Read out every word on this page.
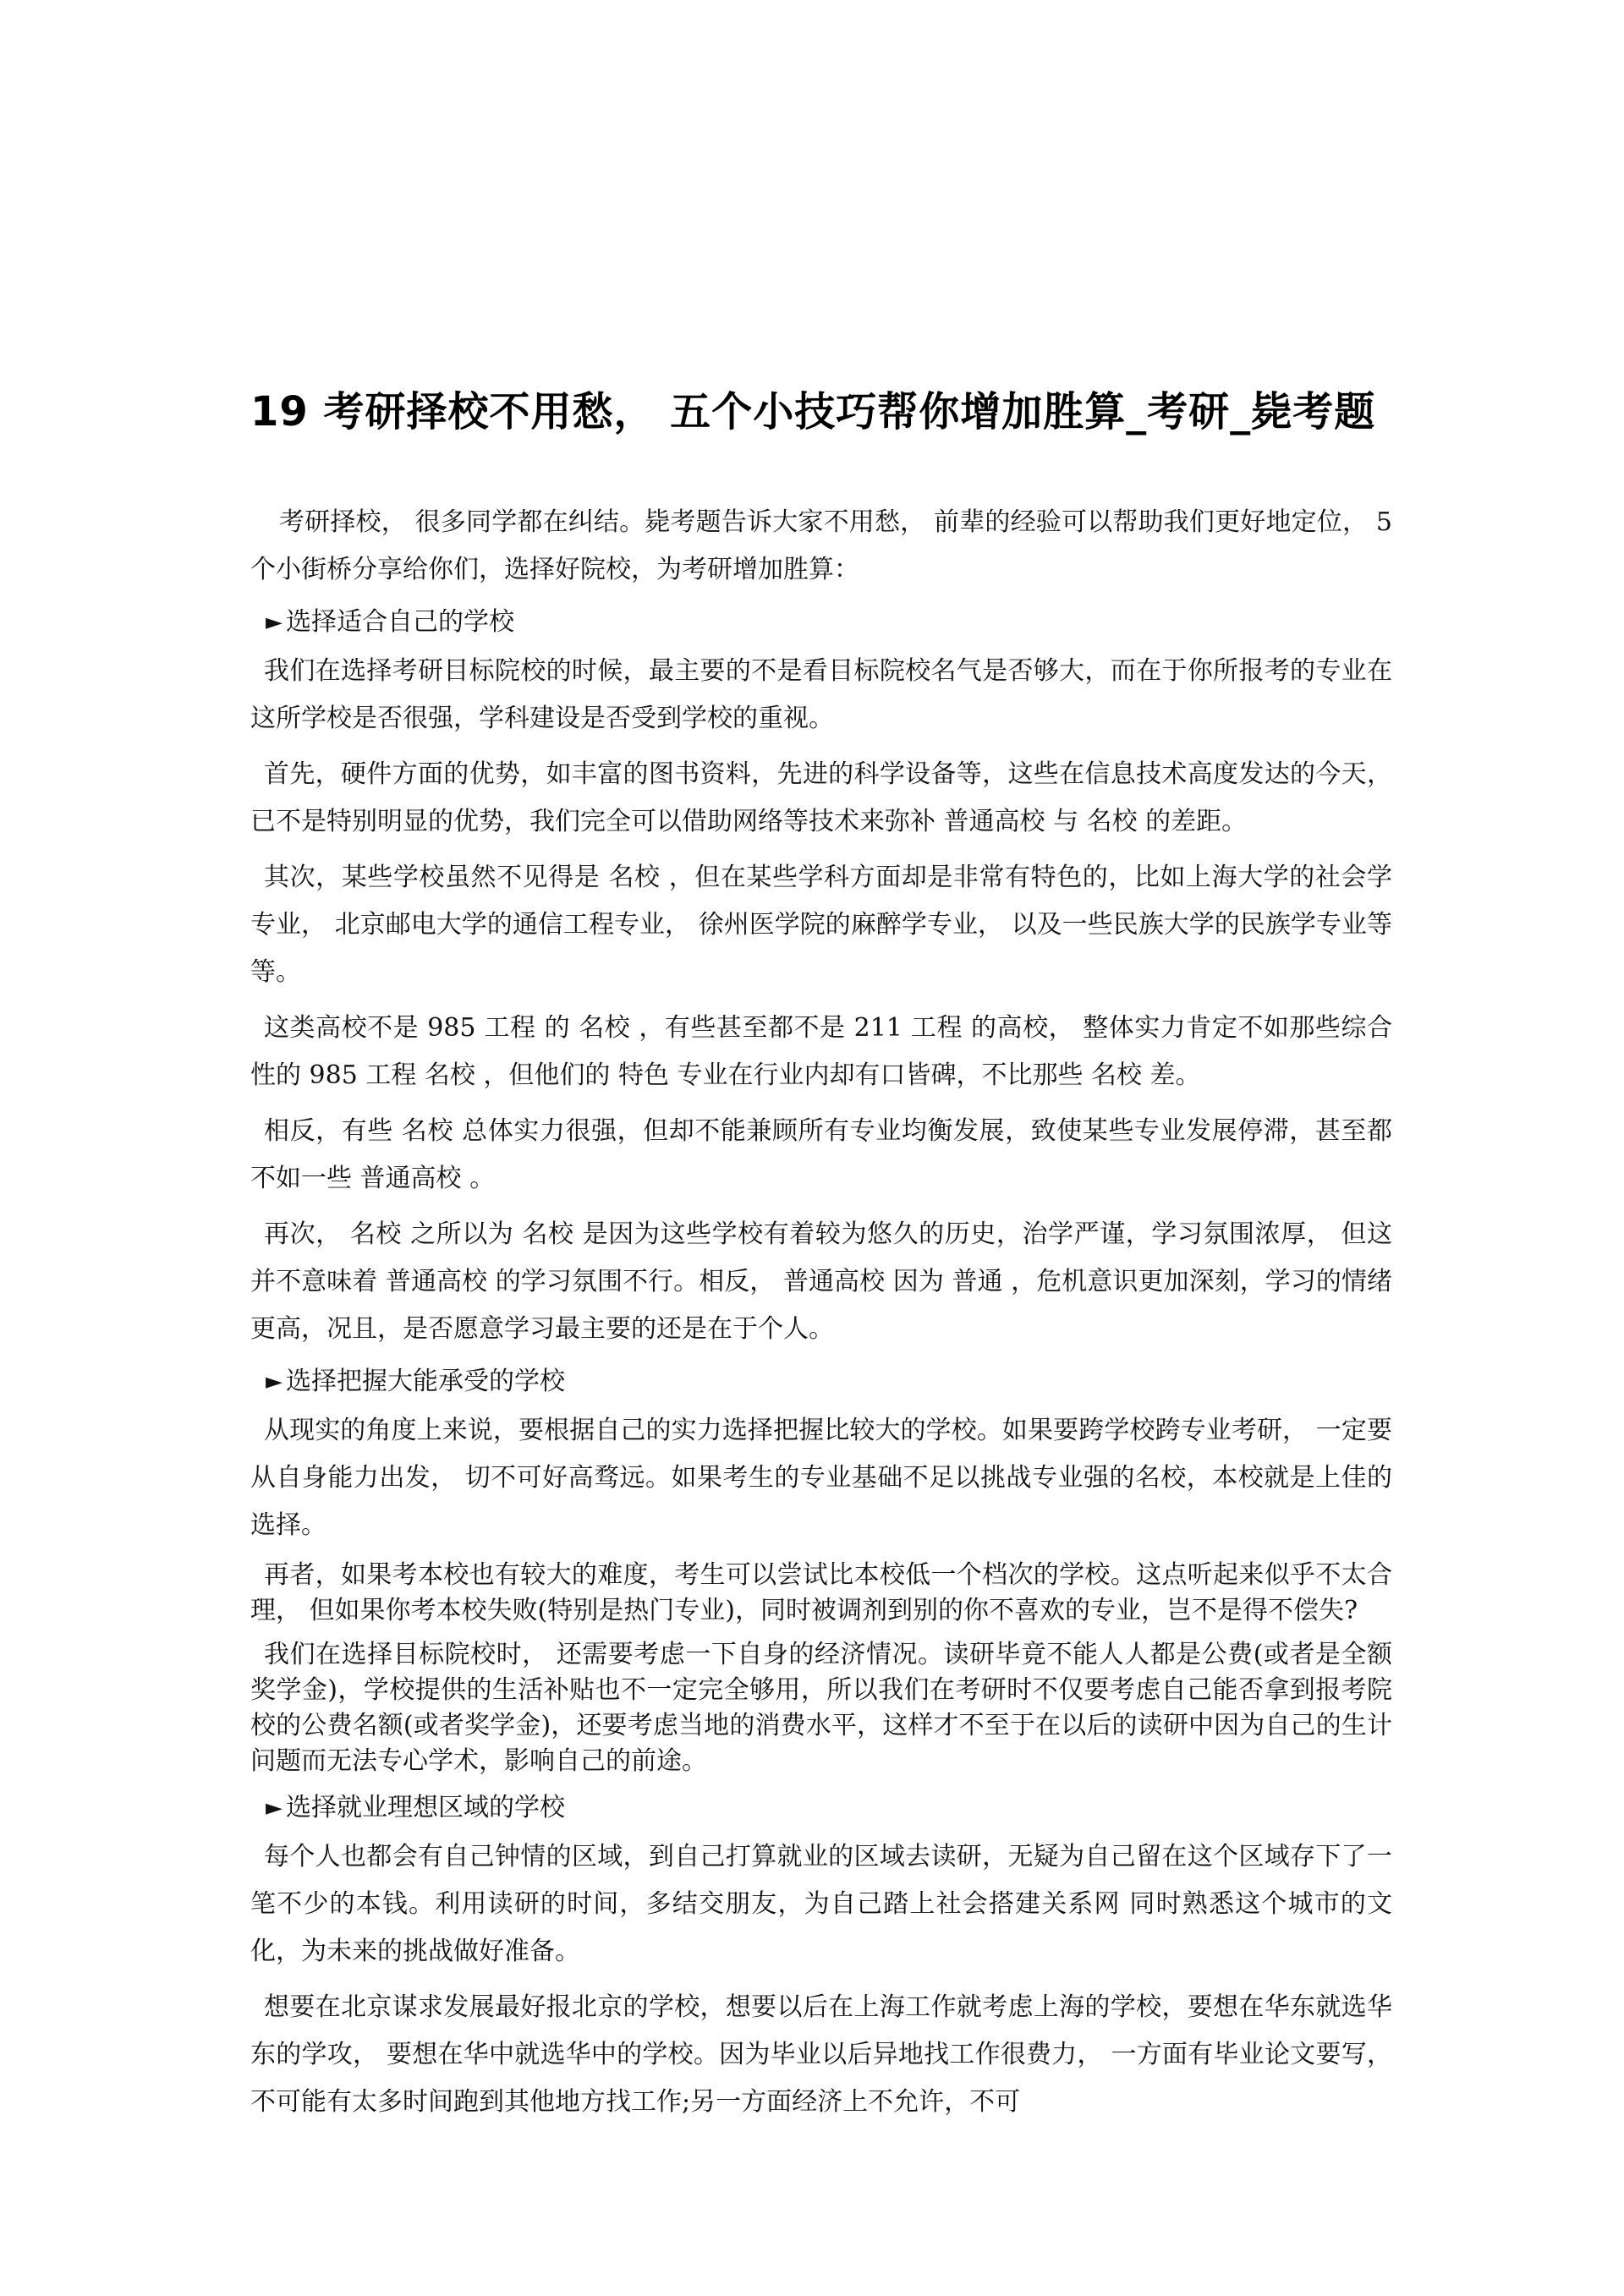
19 考研择校不用愁， 五个小技巧帮你增加胜算_考研_毙考题

考研择校， 很多同学都在纠结。毙考题告诉大家不用愁， 前辈的经验可以帮助我们更好地定位， 5 个小街桥分享给你们，选择好院校，为考研增加胜算：

► 选择适合自己的学校

我们在选择考研目标院校的时候，最主要的不是看目标院校名气是否够大，而在于你所报考的专业在这所学校是否很强，学科建设是否受到学校的重视。

首先，硬件方面的优势，如丰富的图书资料，先进的科学设备等，这些在信息技术高度发达的今天，已不是特别明显的优势，我们完全可以借助网络等技术来弥补 普通高校 与 名校 的差距。

其次，某些学校虽然不见得是 名校 ，但在某些学科方面却是非常有特色的，比如上海大学的社会学专业， 北京邮电大学的通信工程专业， 徐州医学院的麻醉学专业， 以及一些民族大学的民族学专业等等。

这类高校不是 985 工程 的 名校 ，有些甚至都不是 211 工程 的高校， 整体实力肯定不如那些综合性的 985 工程 名校 ，但他们的 特色 专业在行业内却有口皆碑，不比那些 名校 差。

相反，有些 名校 总体实力很强，但却不能兼顾所有专业均衡发展，致使某些专业发展停滞，甚至都不如一些 普通高校 。

再次， 名校 之所以为 名校 是因为这些学校有着较为悠久的历史，治学严谨，学习氛围浓厚， 但这并不意味着 普通高校 的学习氛围不行。相反， 普通高校 因为 普通 ，危机意识更加深刻，学习的情绪更高，况且，是否愿意学习最主要的还是在于个人。

► 选择把握大能承受的学校

从现实的角度上来说，要根据自己的实力选择把握比较大的学校。如果要跨学校跨专业考研， 一定要从自身能力出发， 切不可好高骛远。如果考生的专业基础不足以挑战专业强的名校，本校就是上佳的选择。

再者，如果考本校也有较大的难度，考生可以尝试比本校低一个档次的学校。这点听起来似乎不太合理， 但如果你考本校失败(特别是热门专业)，同时被调剂到别的你不喜欢的专业，岂不是得不偿失?

我们在选择目标院校时， 还需要考虑一下自身的经济情况。读研毕竟不能人人都是公费(或者是全额奖学金)，学校提供的生活补贴也不一定完全够用，所以我们在考研时不仅要考虑自己能否拿到报考院校的公费名额(或者奖学金)，还要考虑当地的消费水平，这样才不至于在以后的读研中因为自己的生计问题而无法专心学术，影响自己的前途。

► 选择就业理想区域的学校

每个人也都会有自己钟情的区域，到自己打算就业的区域去读研，无疑为自己留在这个区域存下了一笔不少的本钱。利用读研的时间，多结交朋友，为自己踏上社会搭建关系网 同时熟悉这个城市的文化，为未来的挑战做好准备。

想要在北京谋求发展最好报北京的学校，想要以后在上海工作就考虑上海的学校，要想在华东就选华东的学攻， 要想在华中就选华中的学校。因为毕业以后异地找工作很费力， 一方面有毕业论文要写，不可能有太多时间跑到其他地方找工作;另一方面经济上不允许，不可
